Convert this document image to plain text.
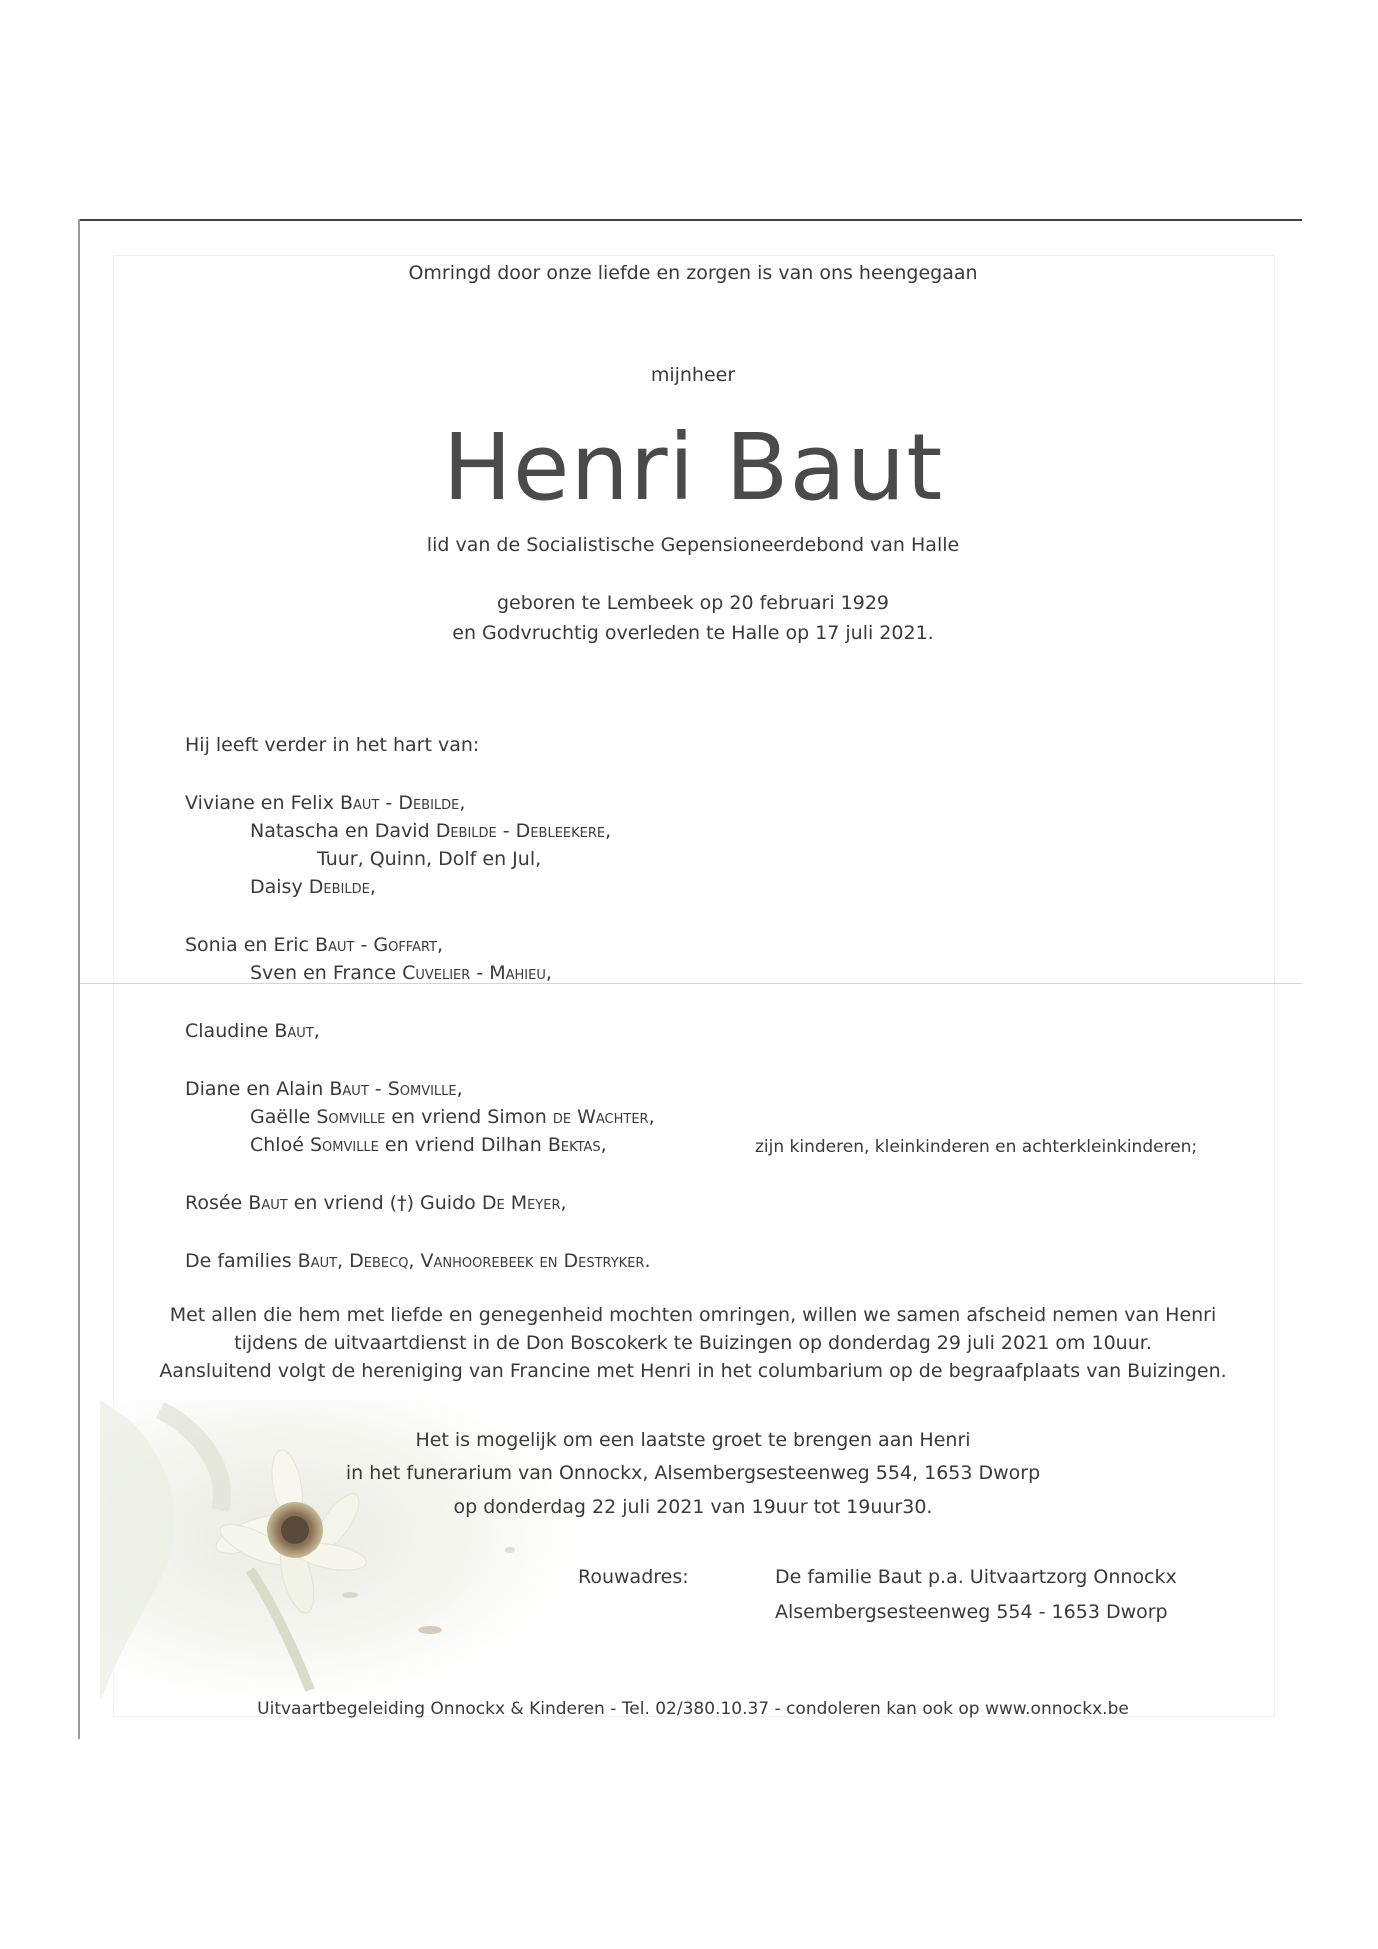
Omringd door onze liefde en zorgen is van ons heengegaan
mijnheer
Henri Baut
lid van de Socialistische Gepensioneerdebond van Halle
geboren te Lembeek op 20 februari 1929
en Godvruchtig overleden te Halle op 17 juli 2021.
Hij leeft verder in het hart van:
Viviane en Felix Baut - Debilde,
Natascha en David Debilde - Debleekere,
Tuur, Quinn, Dolf en Jul,
Daisy Debilde,
Sonia en Eric Baut - Goffart,
Sven en France Cuvelier - Mahieu,
Claudine Baut,
Diane en Alain Baut - Somville,
Gaëlle Somville en vriend Simon de Wachter,
Chloé Somville en vriend Dilhan Bektas,	zijn kinderen, kleinkinderen en achterkleinkinderen;
Rosée Baut en vriend (†) Guido De Meyer,
De families Baut, Debecq, Vanhoorebeek en Destryker.
Met allen die hem met liefde en genegenheid mochten omringen, willen we samen afscheid nemen van Henri
tijdens de uitvaartdienst in de Don Boscokerk te Buizingen op donderdag 29 juli 2021 om 10uur.
Aansluitend volgt de hereniging van Francine met Henri in het columbarium op de begraafplaats van Buizingen.
Het is mogelijk om een laatste groet te brengen aan Henri
in het funerarium van Onnockx, Alsembergsesteenweg 554, 1653 Dworp
op donderdag 22 juli 2021 van 19uur tot 19uur30.
Rouwadres:	De familie Baut p.a. Uitvaartzorg Onnockx
Alsembergsesteenweg 554 - 1653 Dworp
Uitvaartbegeleiding Onnockx & Kinderen - Tel. 02/380.10.37 - condoleren kan ook op www.onnockx.be
